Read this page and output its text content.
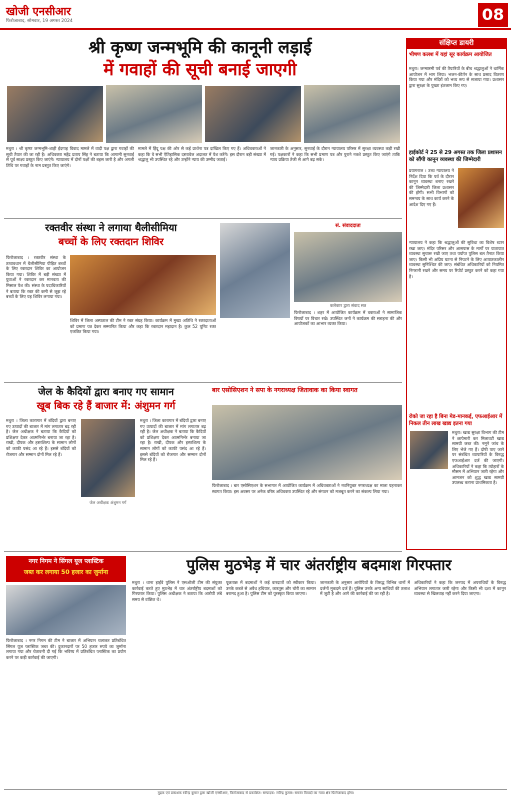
खोजी एनसीआर
फिरोजाबाद, सोमवार, 19 अगस्त 2024	08
श्री कृष्ण जन्मभूमि की कानूनी लड़ाई
में गवाहों की सूची बनाई जाएगी
मथुरा । श्री कृष्ण जन्मभूमि-शाही ईदगाह विवाद मामले में वादी पक्ष द्वारा गवाहों की सूची तैयार की जा रही है। अधिवक्ता महेंद्र प्रताप सिंह ने बताया कि आगामी सुनवाई से पूर्व साक्ष्य प्रस्तुत किए जाएंगे। न्यायालय में दोनों पक्षों की बहस जारी है और अगली तिथि पर गवाहों के नाम प्रस्तुत किए जाएंगे।
मामले में हिंदू पक्ष की ओर से कई प्रार्थना पत्र दाखिल किए गए हैं। अधिवक्ताओं ने कहा कि वे सभी ऐतिहासिक दस्तावेज अदालत में पेश करेंगे। इस दौरान बड़ी संख्या में श्रद्धालु भी उपस्थित रहे और उन्होंने न्याय की उम्मीद जताई।
जानकारी के अनुसार, सुनवाई के दौरान न्यायालय परिसर में सुरक्षा व्यवस्था कड़ी रखी गई। पक्षकारों ने कहा कि सभी प्रमाण पत्र और पुराने नक्शे प्रस्तुत किए जाएंगे ताकि न्याय प्रक्रिया तेजी से आगे बढ़ सके।
रक्तवीर संस्था ने लगाया थैलीसीमिया
बच्चों के लिए रक्तदान शिविर
फिरोजाबाद । रक्तवीर संस्था के तत्वावधान में थैलीसीमिया पीड़ित बच्चों के लिए रक्तदान शिविर का आयोजन किया गया। शिविर में बड़ी संख्या में युवाओं ने रक्तदान कर मानवता की मिसाल पेश की। संस्था के पदाधिकारियों ने बताया कि रक्त की कमी से जूझ रहे बच्चों के लिए यह शिविर लगाया गया।
शिविर में जिला अस्पताल की टीम ने रक्त संग्रह किया। कार्यक्रम में मुख्य अतिथि ने रक्तदाताओं को प्रमाण पत्र देकर सम्मानित किया और कहा कि रक्तदान महादान है। कुल 52 यूनिट रक्त एकत्रित किया गया।
सं. संवाददाता
कलेक्टर द्वारा संवाद सत्र
फिरोजाबाद । शहर में आयोजित कार्यक्रम में वक्ताओं ने सामाजिक विषयों पर विचार रखे। उपस्थित जनों ने कार्यक्रम की सराहना की और आयोजकों का आभार व्यक्त किया।
जेल के कैदियों द्वारा बनाए गए सामान
खूब बिक रहे हैं बाजार में: अंशुमन गर्ग
मथुरा । जिला कारागार में बंदियों द्वारा बनाए गए उत्पादों की बाजार में मांग लगातार बढ़ रही है। जेल अधीक्षक ने बताया कि कैदियों को प्रशिक्षण देकर आत्मनिर्भर बनाया जा रहा है। राखी, दीपक और हस्तशिल्प के सामान लोगों को काफी पसंद आ रहे हैं। इससे बंदियों को रोजगार और सम्मान दोनों मिल रहे हैं।
जेल अधीक्षक अंशुमन गर्ग
मथुरा । जिला कारागार में बंदियों द्वारा बनाए गए उत्पादों की बाजार में मांग लगातार बढ़ रही है। जेल अधीक्षक ने बताया कि कैदियों को प्रशिक्षण देकर आत्मनिर्भर बनाया जा रहा है। राखी, दीपक और हस्तशिल्प के सामान लोगों को काफी पसंद आ रहे हैं। इससे बंदियों को रोजगार और सम्मान दोनों मिल रहे हैं।
बार एसोसिएशन ने सपा के नगराध्यक्ष जितावाक का किया स्वागत
फिरोजाबाद । बार एसोसिएशन के सभागार में आयोजित कार्यक्रम में अधिवक्ताओं ने नवनियुक्त नगराध्यक्ष का माला पहनाकर स्वागत किया। इस अवसर पर अनेक वरिष्ठ अधिवक्ता उपस्थित रहे और संगठन को मजबूत करने का संकल्प लिया गया।
नगर निगम ने सिंगल यूज प्लास्टिक
जब्त कर लगाया 50 हजार का जुर्माना
फिरोजाबाद । नगर निगम की टीम ने बाजार में अभियान चलाकर प्रतिबंधित सिंगल यूज प्लास्टिक जब्त की। दुकानदारों पर 50 हजार रुपये का जुर्माना लगाया गया और चेतावनी दी गई कि भविष्य में प्रतिबंधित प्लास्टिक का प्रयोग करने पर कड़ी कार्रवाई की जाएगी।
पुलिस मुठभेड़ में चार अंतर्राष्ट्रीय बदमाश गिरफ्तार
मथुरा । थाना हाईवे पुलिस ने एसओजी टीम की संयुक्त कार्रवाई करते हुए मुठभेड़ में चार अंतर्राष्ट्रीय बदमाशों को गिरफ्तार किया। पुलिस अधीक्षक ने बताया कि आरोपी लंबे समय से वांछित थे।
पूछताछ में बदमाशों ने कई वारदातों को स्वीकार किया। उनके कब्जे से अवैध हथियार, कारतूस और चोरी का सामान बरामद हुआ है। पुलिस टीम को पुरस्कृत किया जाएगा।
जानकारी के अनुसार आरोपियों के विरुद्ध विभिन्न थानों में दर्जनों मुकदमे दर्ज हैं। पुलिस उनके अन्य साथियों की तलाश में जुटी है और आगे की कार्रवाई की जा रही है।
अधिकारियों ने कहा कि जनपद में अपराधियों के विरुद्ध अभियान लगातार जारी रहेगा और किसी भी दशा में कानून व्यवस्था से खिलवाड़ नहीं करने दिया जाएगा।
संक्षिप्त डायरी
भीषण कलश में यहां सूर कार्यक्रम आयोजित
मथुरा। जन्माष्टमी पर्व की तैयारियों के बीच श्रद्धालुओं ने धार्मिक आयोजन में भाग लिया। भजन-कीर्तन के साथ प्रसाद वितरण किया गया और मंदिरों को भव्य रूप से सजाया गया। प्रशासन द्वारा सुरक्षा के पुख्ता इंतजाम किए गए।
हाईकोर्ट ने 25 से 29 अगस्त तक जिला प्रशासन को सौंपी कानून व्यवस्था की जिम्मेदारी
प्रयागराज । उच्च न्यायालय ने निर्देश दिया कि पर्व के दौरान कानून व्यवस्था बनाए रखने की जिम्मेदारी जिला प्रशासन की होगी। सभी विभागों को समन्वय के साथ कार्य करने के आदेश दिए गए हैं।
न्यायालय ने कहा कि श्रद्धालुओं की सुविधा का विशेष ध्यान रखा जाए। मंदिर परिसर और आसपास के मार्गों पर यातायात व्यवस्था सुचारू रखी जाए तथा पर्याप्त पुलिस बल तैनात किया जाए। किसी भी अप्रिय घटना से निपटने के लिए आपातकालीन व्यवस्था सुनिश्चित की जाए। संबंधित अधिकारियों को नियमित निगरानी रखने और समय पर रिपोर्ट प्रस्तुत करने को कहा गया है।
रोको जा रहा है बिना मेड-मानकई, एफआईआर में निकल तीन लाख खाद्य इतना गया
मथुरा। खाद्य सुरक्षा विभाग की टीम ने छापेमारी कर मिलावटी खाद्य सामग्री जब्त की। नमूने जांच के लिए भेजे गए हैं। दोषी पाए जाने पर संबंधित व्यापारियों के विरुद्ध एफआईआर दर्ज की जाएगी। अधिकारियों ने कहा कि त्योहारों के मौसम में अभियान जारी रहेगा और आमजन को शुद्ध खाद्य सामग्री उपलब्ध कराना प्राथमिकता है।
मुद्रक एवं प्रकाशक रवीन्द्र कुमार द्वारा खोजी एनसीआर, फिरोजाबाद से प्रकाशित। सम्पादक: रवीन्द्र कुमार। समस्त विवादों का न्याय क्षेत्र फिरोजाबाद होगा।
